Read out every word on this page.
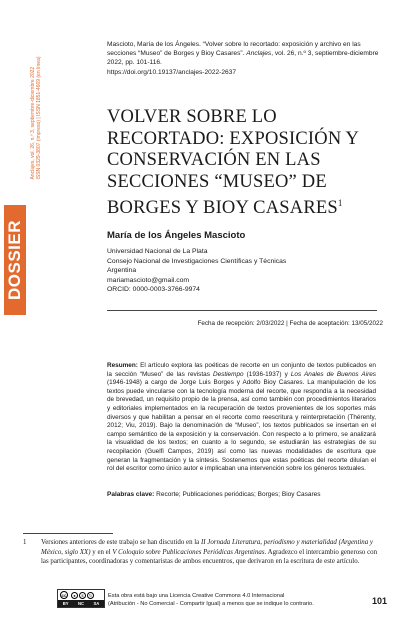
Anclajes, vol. 26, n.º 3, septiembre-diciembre 2022 ISSN 0329-3807 (impreso) | ISSN 1851-4669 (en línea)
DOSSIER
Mascioto, María de los Ángeles. “Volver sobre lo recortado: exposición y archivo en las secciones “Museo” de Borges y Bioy Casares”. Anclajes, vol. 26, n.º 3, septiembre-diciembre 2022, pp. 101-116.
https://doi.org/10.19137/anclajes-2022-2637
VOLVER SOBRE LO RECORTADO: EXPOSICIÓN Y CONSERVACIÓN EN LAS SECCIONES “MUSEO” DE BORGES Y BIOY CASARES$^1$
María de los Ángeles Mascioto
Universidad Nacional de La Plata
Consejo Nacional de Investigaciones Científicas y Técnicas
Argentina
mariamascioto@gmail.com
ORCID: 0000-0003-3766-9974
Fecha de recepción: 2/03/2022 | Fecha de aceptación: 13/05/2022

Resumen: El artículo explora las poéticas de recorte en un conjunto de textos publicados en la sección “Museo” de las revistas Destiempo (1936-1937) y Los Anales de Buenos Aires (1946-1948) a cargo de Jorge Luis Borges y Adolfo Bioy Casares. La manipulación de los textos puede vincularse con la tecnología moderna del recorte, que respondía a la necesidad de brevedad, un requisito propio de la prensa, así como también con procedimientos literarios y editoriales implementados en la recuperación de textos provenientes de los soportes más diversos y que habilitan a pensar en el recorte como reescritura y reinterpretación (Thérenty, 2012; Viu, 2019). Bajo la denominación de “Museo”, los textos publicados se insertan en el campo semántico de la exposición y la conservación. Con respecto a lo primero, se analizará la visualidad de los textos; en cuanto a lo segundo, se estudiarán las estrategias de su recopilación (Guelfi Campos, 2019) así como las nuevas modalidades de escritura que generan la fragmentación y la síntesis. Sostenemos que estas poéticas del recorte diluían el rol del escritor como único autor e implicaban una intervención sobre los géneros textuales.

Palabras clave: Recorte; Publicaciones periódicas; Borges; Bioy Casares
1 Versiones anteriores de este trabajo se han discutido en la II Jornada Literatura, periodismo y materialidad (Argentina y México, siglo XX) y en el V Coloquio sobre Publicaciones Periódicas Argentinas. Agradezco el intercambio generoso con las participantes, coordinadoras y comentaristas de ambos encuentros, que derivaron en la escritura de este artículo.
cc	●	$	↻
BY NC SA
Esta obra está bajo una Licencia Creative Commons 4.0 Internacional
(Atribución - No Comercial - Compartir Igual) a menos que se indique lo contrario.	101
